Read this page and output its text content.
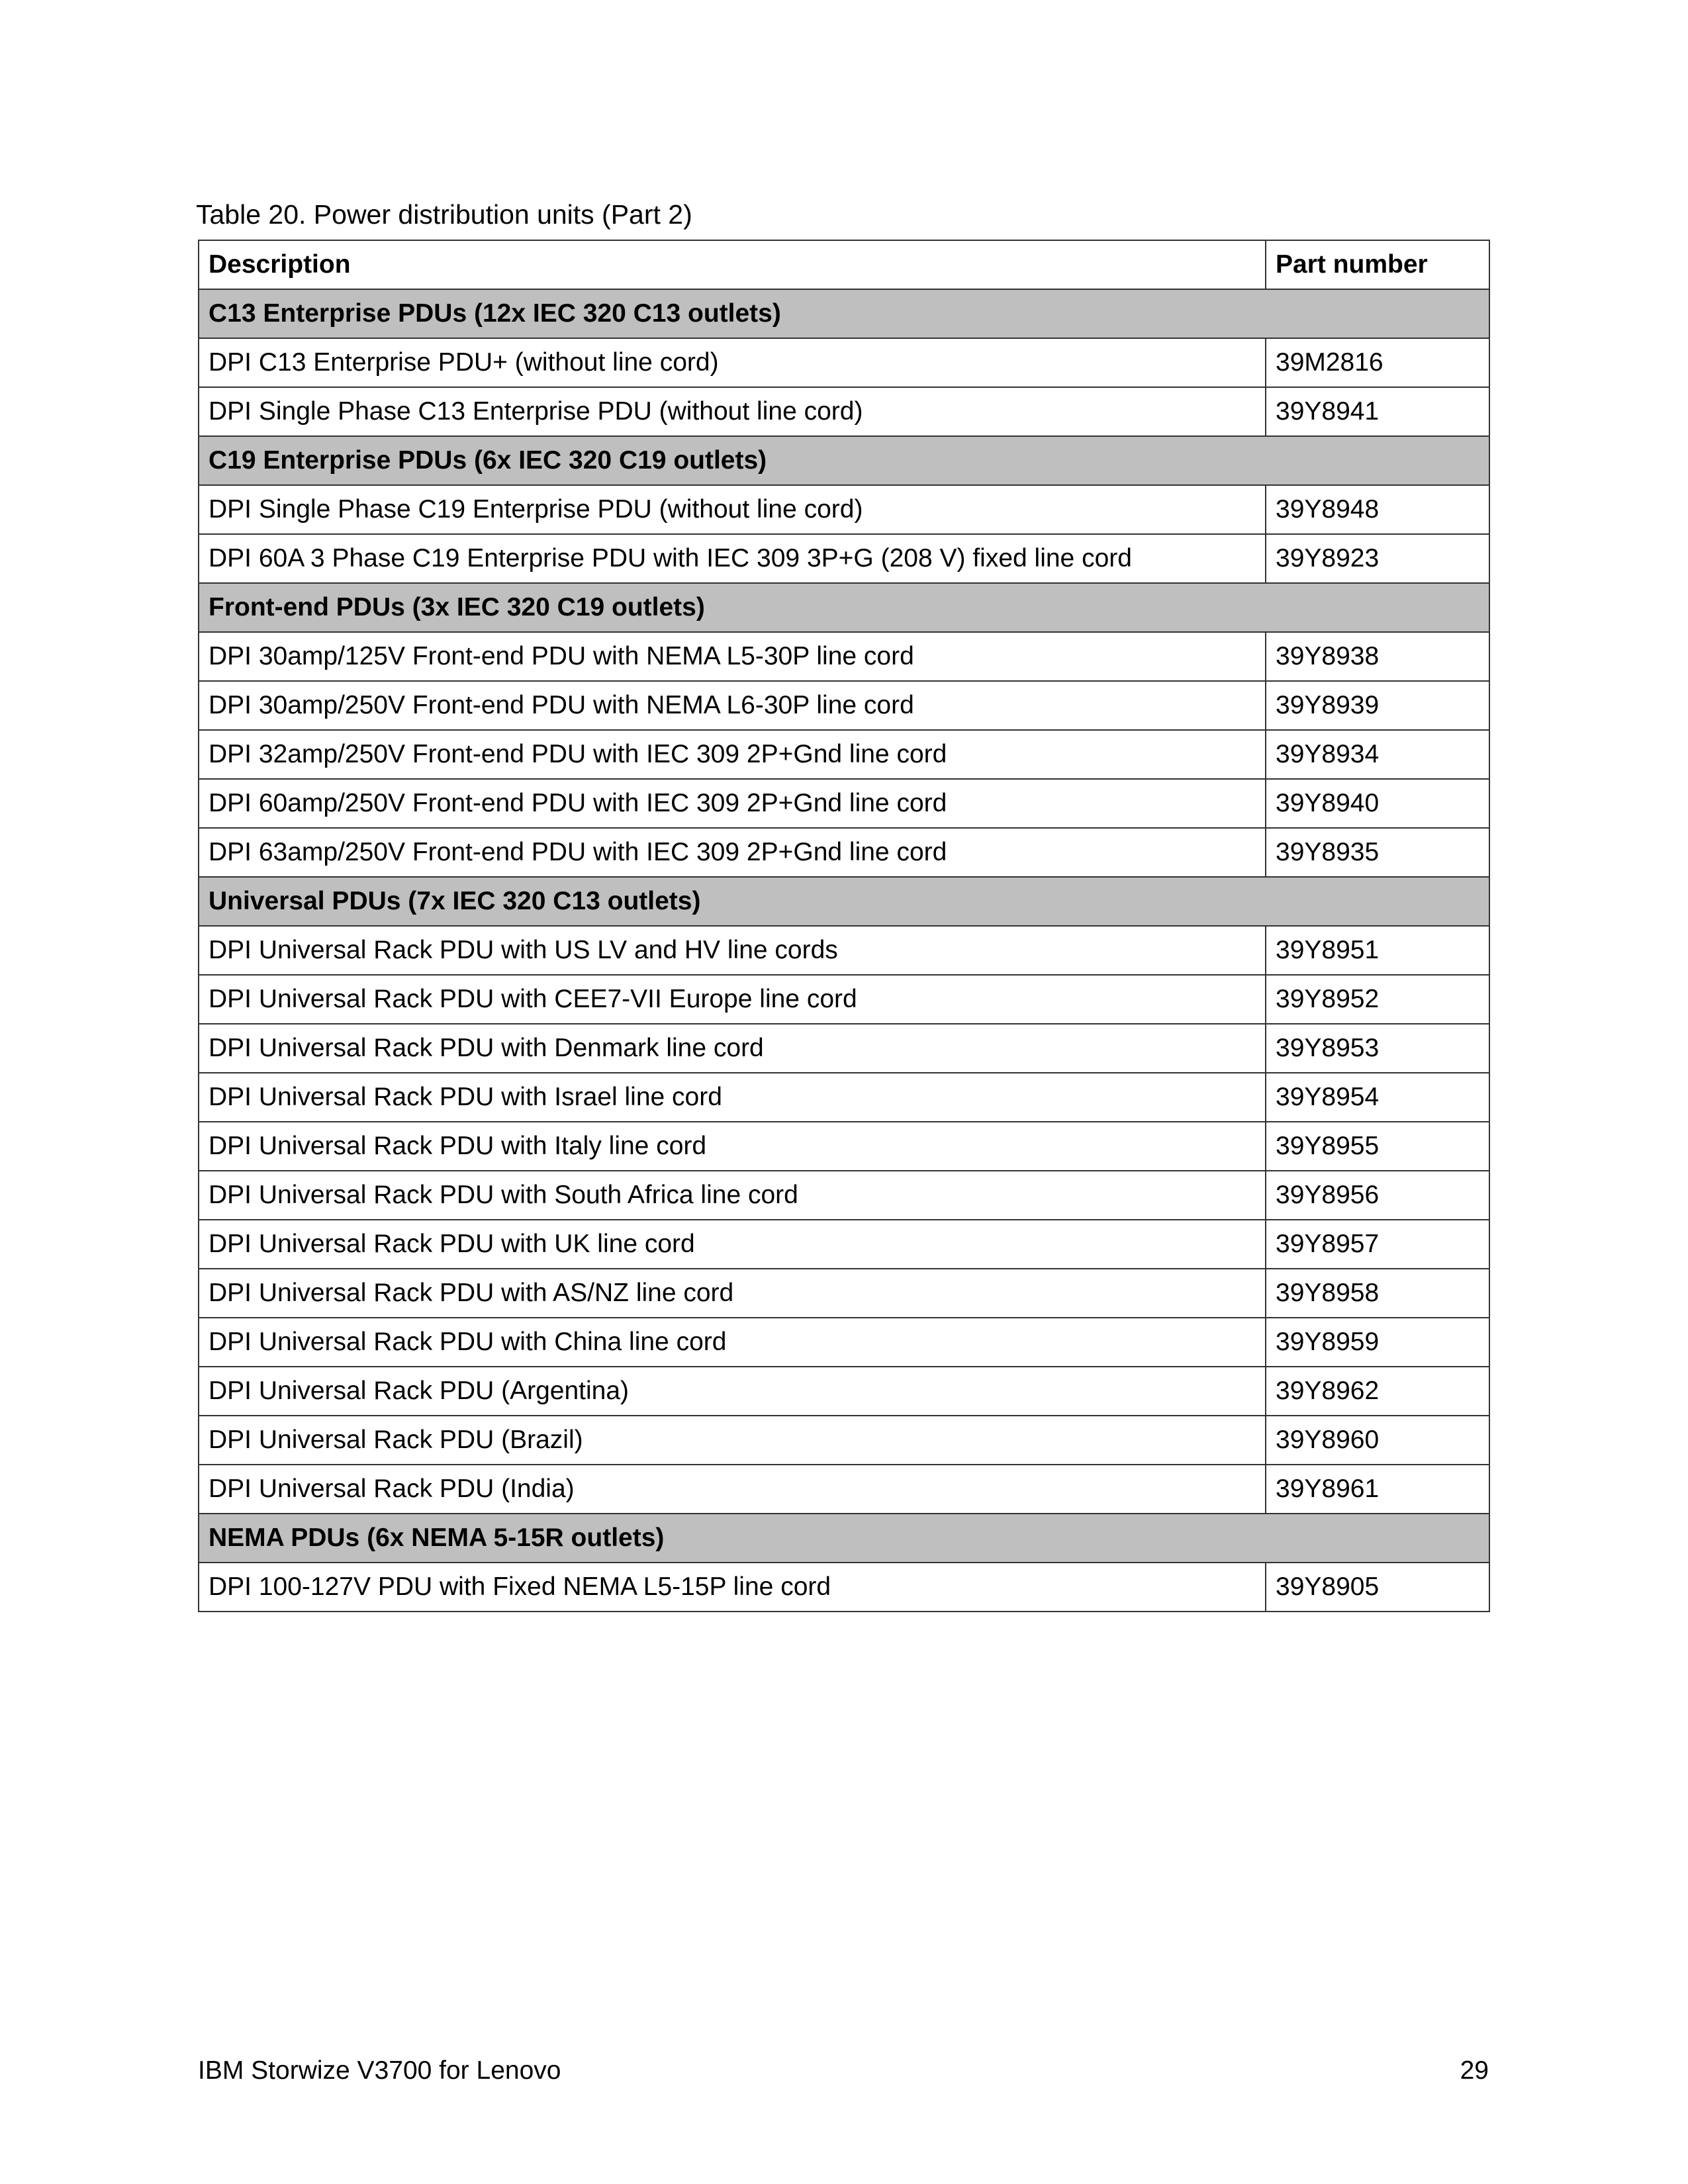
Table 20. Power distribution units (Part 2)
Description	Part number
C13 Enterprise PDUs (12x IEC 320 C13 outlets)	
DPI C13 Enterprise PDU+ (without line cord)	39M2816
DPI Single Phase C13 Enterprise PDU (without line cord)	39Y8941
C19 Enterprise PDUs (6x IEC 320 C19 outlets)	
DPI Single Phase C19 Enterprise PDU (without line cord)	39Y8948
DPI 60A 3 Phase C19 Enterprise PDU with IEC 309 3P+G (208 V) fixed line cord	39Y8923
Front-end PDUs (3x IEC 320 C19 outlets)	
DPI 30amp/125V Front-end PDU with NEMA L5-30P line cord	39Y8938
DPI 30amp/250V Front-end PDU with NEMA L6-30P line cord	39Y8939
DPI 32amp/250V Front-end PDU with IEC 309 2P+Gnd line cord	39Y8934
DPI 60amp/250V Front-end PDU with IEC 309 2P+Gnd line cord	39Y8940
DPI 63amp/250V Front-end PDU with IEC 309 2P+Gnd line cord	39Y8935
Universal PDUs (7x IEC 320 C13 outlets)	
DPI Universal Rack PDU with US LV and HV line cords	39Y8951
DPI Universal Rack PDU with CEE7-VII Europe line cord	39Y8952
DPI Universal Rack PDU with Denmark line cord	39Y8953
DPI Universal Rack PDU with Israel line cord	39Y8954
DPI Universal Rack PDU with Italy line cord	39Y8955
DPI Universal Rack PDU with South Africa line cord	39Y8956
DPI Universal Rack PDU with UK line cord	39Y8957
DPI Universal Rack PDU with AS/NZ line cord	39Y8958
DPI Universal Rack PDU with China line cord	39Y8959
DPI Universal Rack PDU (Argentina)	39Y8962
DPI Universal Rack PDU (Brazil)	39Y8960
DPI Universal Rack PDU (India)	39Y8961
NEMA PDUs (6x NEMA 5-15R outlets)	
DPI 100-127V PDU with Fixed NEMA L5-15P line cord	39Y8905
IBM Storwize V3700 for Lenovo	29
